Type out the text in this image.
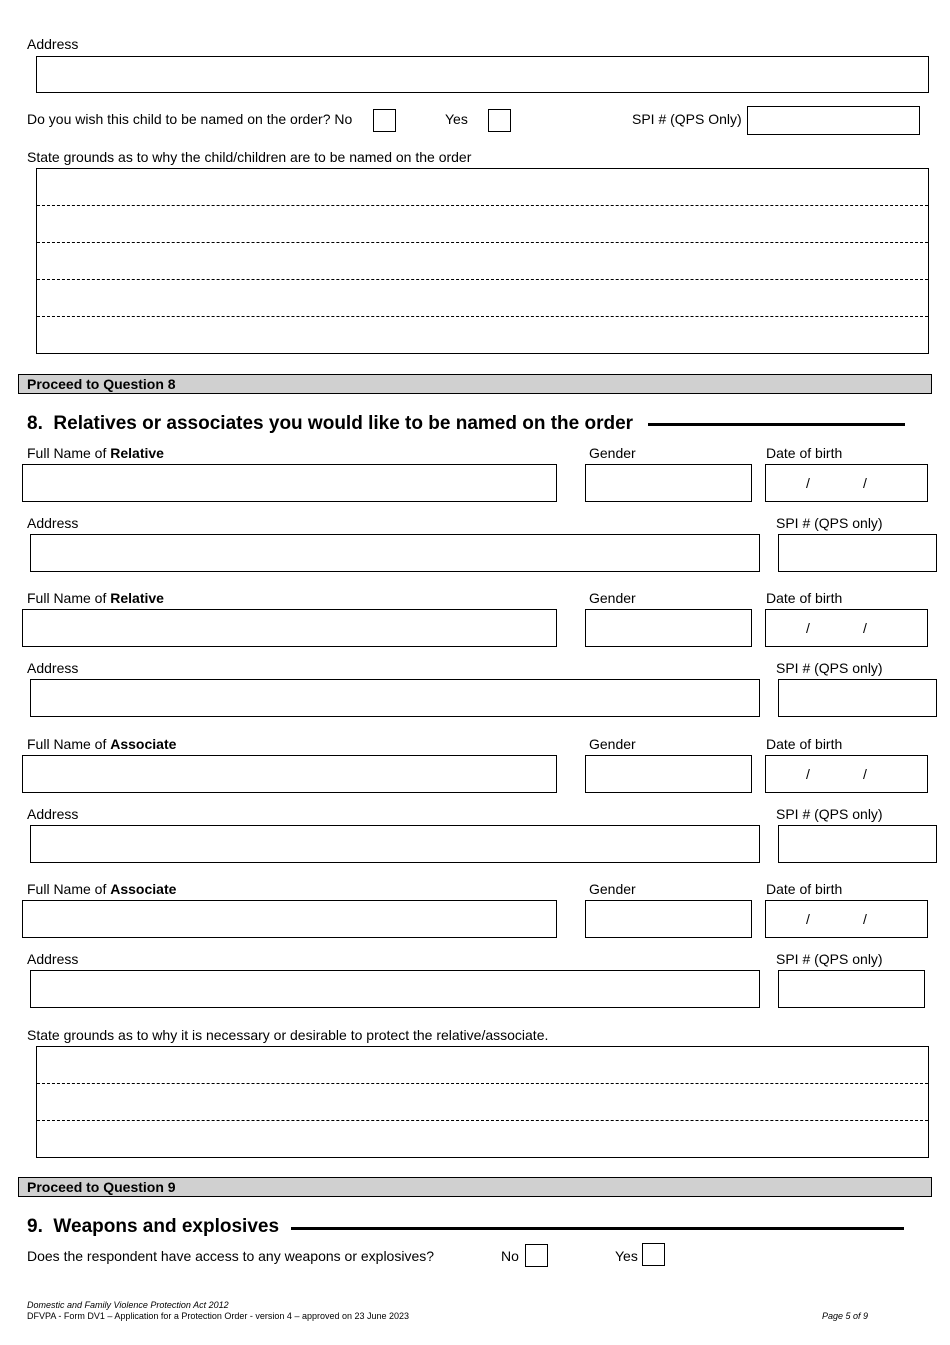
Address
Do you wish this child to be named on the order? No	Yes	SPI # (QPS Only)
State grounds as to why the child/children are to be named on the order
Proceed to Question 8
8. Relatives or associates you would like to be named on the order
Full Name of Relative	Gender	Date of birth
/	/
Address	SPI # (QPS only)
Full Name of Relative	Gender	Date of birth
/	/
Address	SPI # (QPS only)
Full Name of Associate	Gender	Date of birth
/	/
Address	SPI # (QPS only)
Full Name of Associate	Gender	Date of birth
/	/
Address	SPI # (QPS only)
State grounds as to why it is necessary or desirable to protect the relative/associate.
Proceed to Question 9
9. Weapons and explosives
Does the respondent have access to any weapons or explosives?	No	Yes
Domestic and Family Violence Protection Act 2012
DFVPA - Form DV1 – Application for a Protection Order - version 4 – approved on 23 June 2023	Page 5 of 9
